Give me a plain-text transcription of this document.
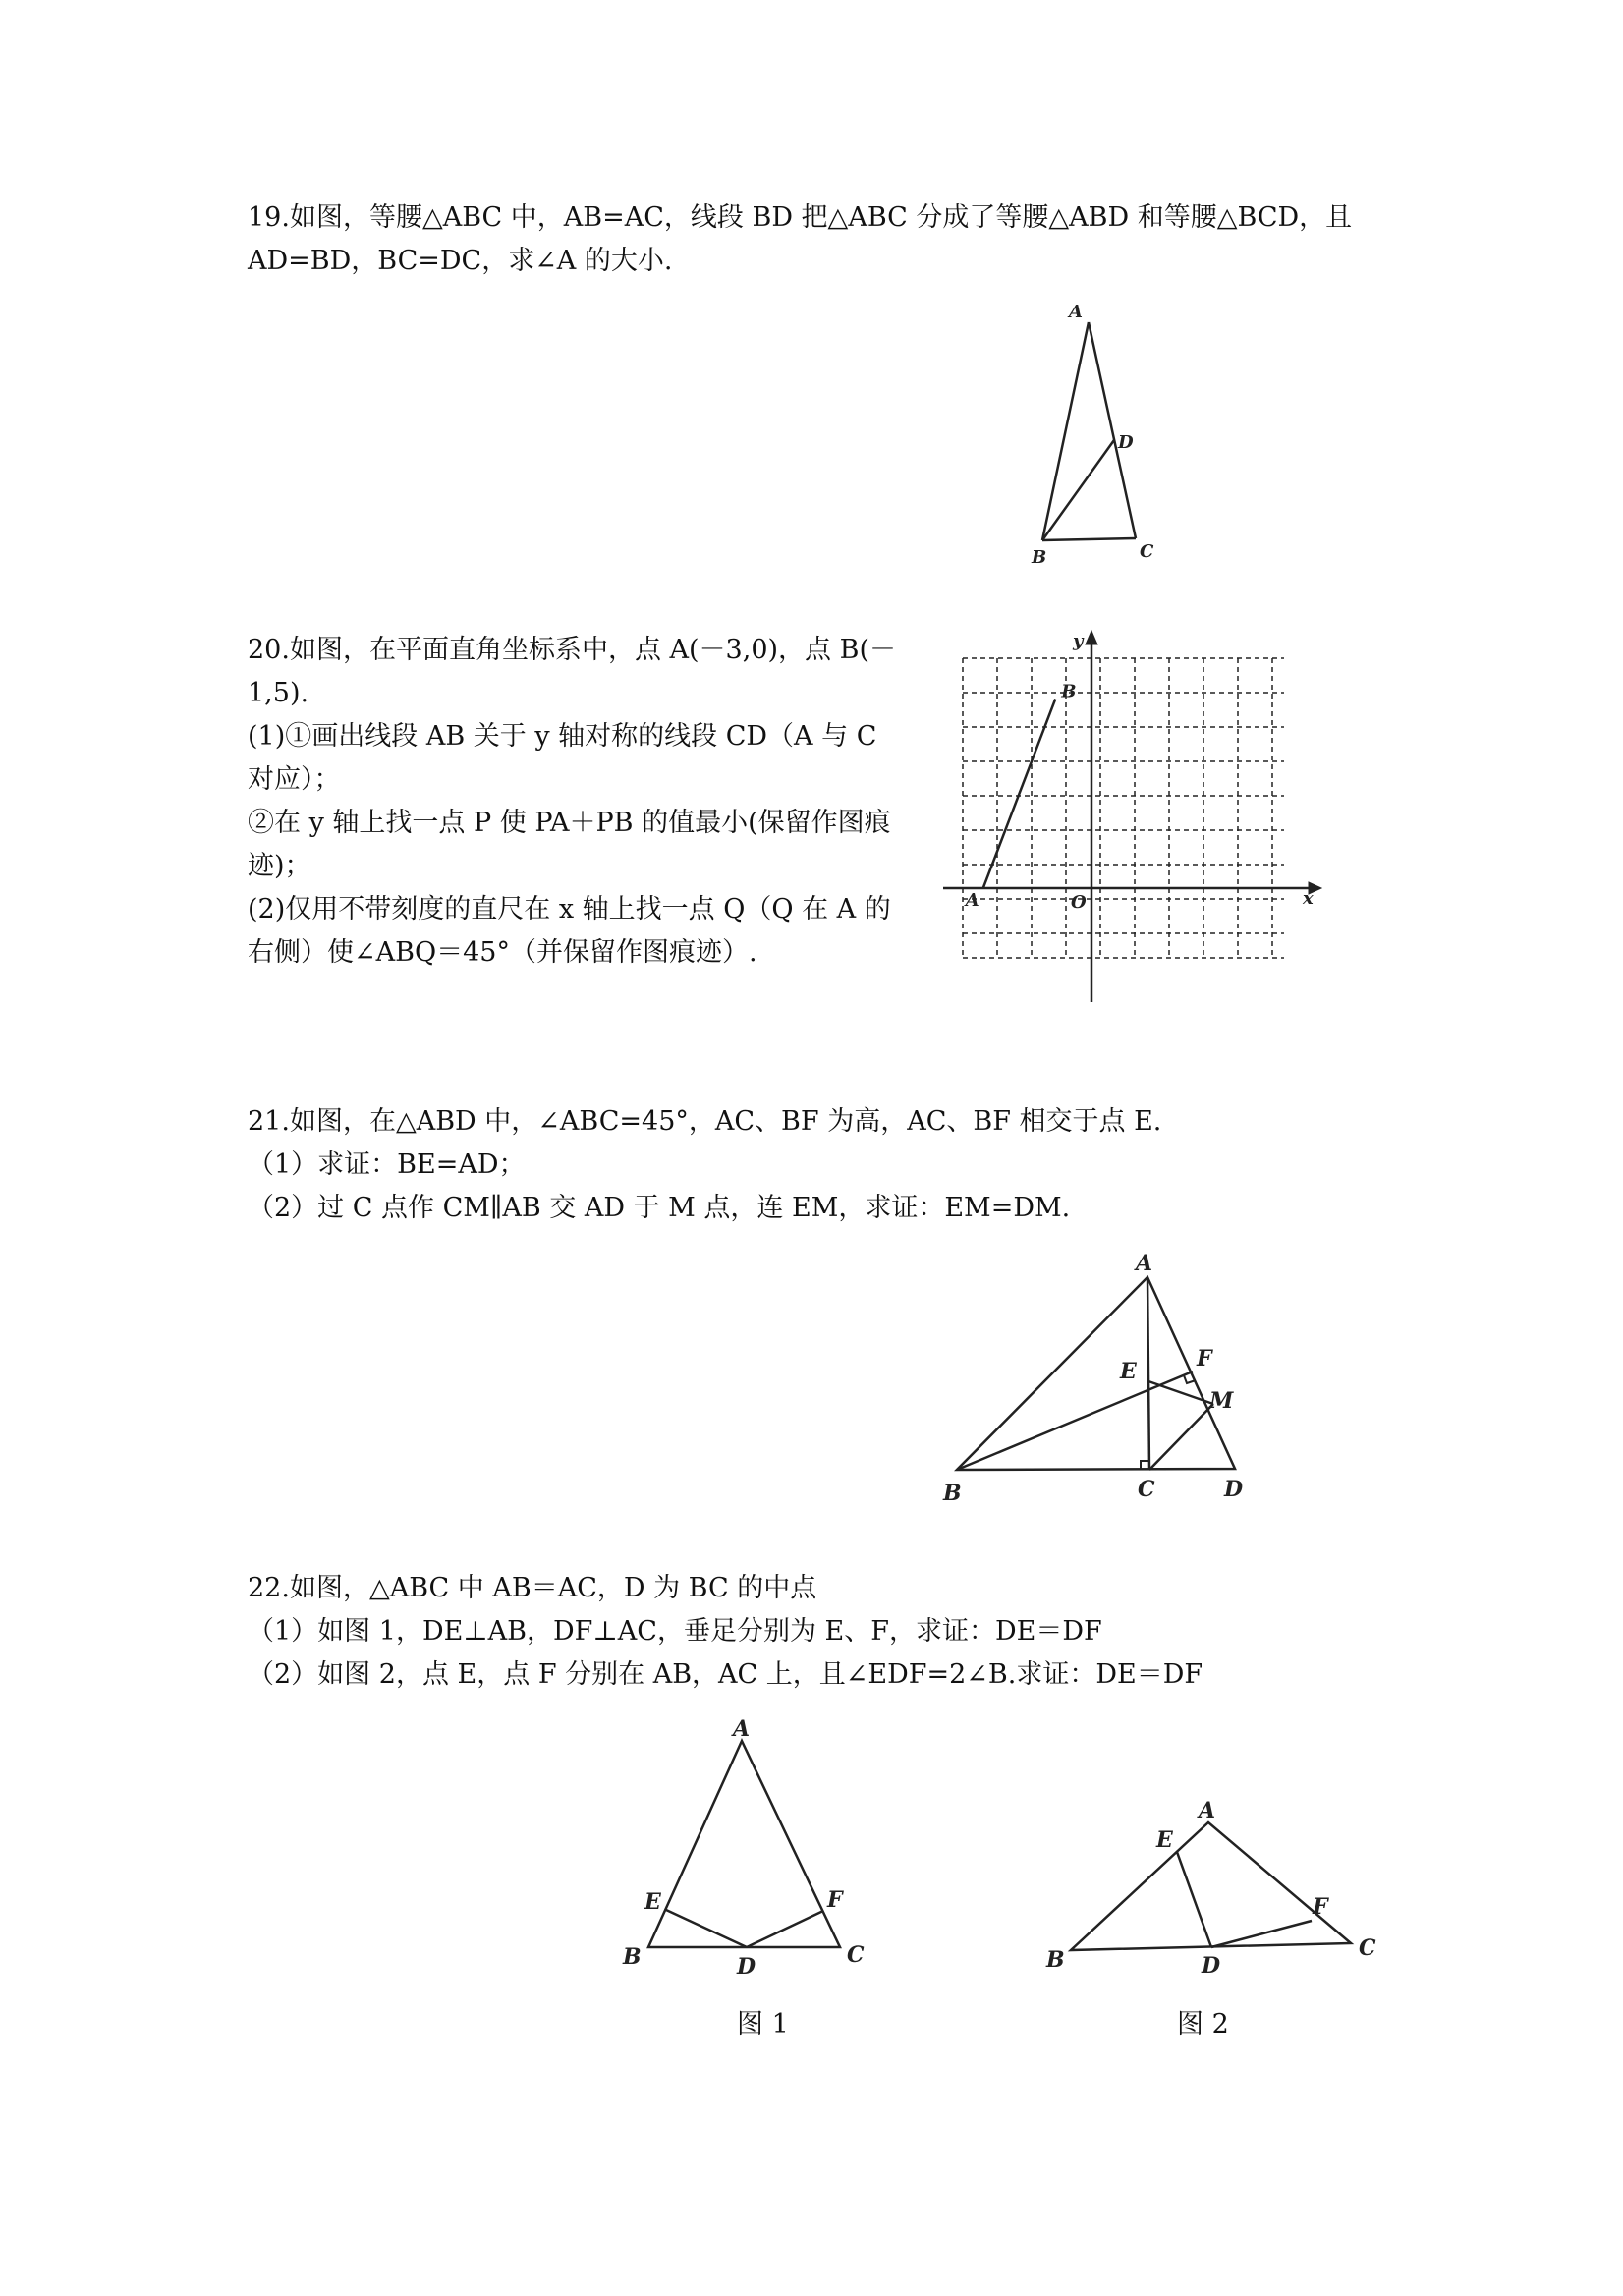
19.如图，等腰△ABC 中，AB=AC，线段 BD 把△ABC 分成了等腰△ABD 和等腰△BCD，且
AD=BD，BC=DC，求∠A 的大小.
A
D
B	C
20.如图，在平面直角坐标系中，点 A(－3,0)，点 B(－
1,5).
(1)①画出线段 AB 关于 y 轴对称的线段 CD（A 与 C
对应）；
②在 y 轴上找一点 P 使 PA＋PB 的值最小(保留作图痕
迹)；
(2)仅用不带刻度的直尺在 x 轴上找一点 Q（Q 在 A 的
右侧）使∠ABQ＝45°（并保留作图痕迹）.
x
y
O
A
B
21.如图，在△ABD 中，∠ABC=45°，AC、BF 为高，AC、BF 相交于点 E.
（1）求证：BE=AD；
（2）过 C 点作 CM∥AB 交 AD 于 M 点，连 EM，求证：EM=DM.
A
F
E
M
B	C	D
22.如图，△ABC 中 AB＝AC，D 为 BC 的中点
（1）如图 1，DE⊥AB，DF⊥AC，垂足分别为 E、F，求证：DE＝DF
（2）如图 2，点 E，点 F 分别在 AB，AC 上，且∠EDF=2∠B.求证：DE＝DF
A
E	F
B	D	C
图 1
A
E
F
B	D
C
图 2
